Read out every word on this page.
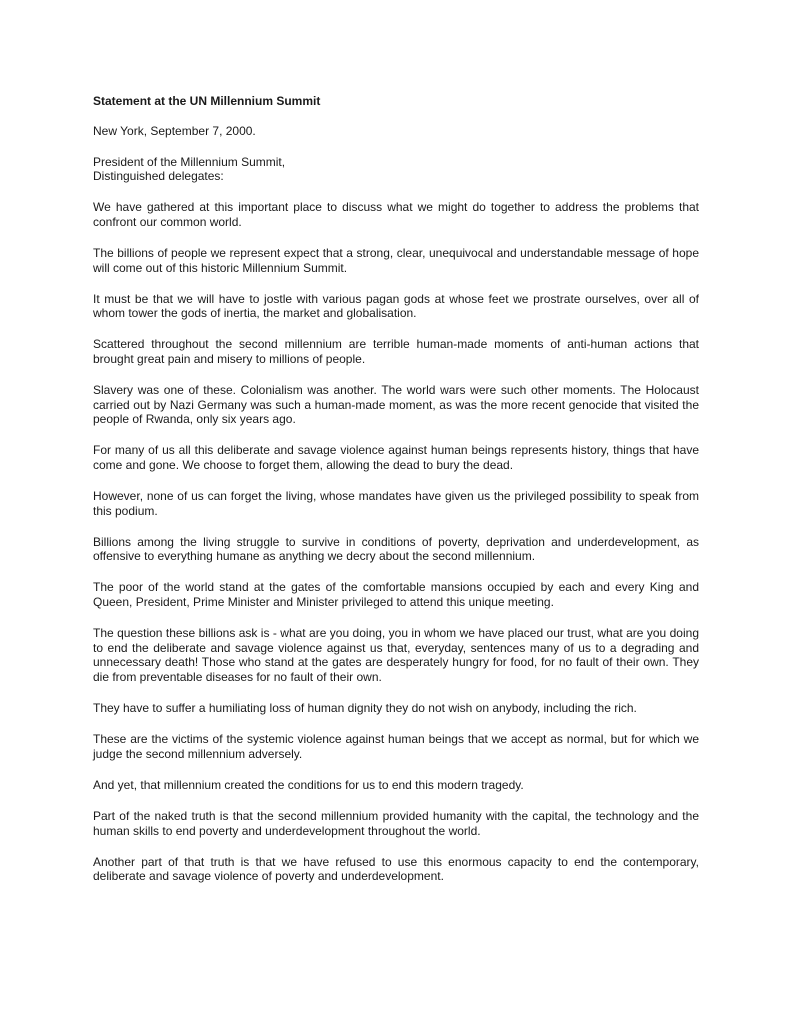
Statement at the UN Millennium Summit

New York, September 7, 2000.

President of the Millennium Summit,
Distinguished delegates:

We have gathered at this important place to discuss what we might do together to address the problems that confront our common world.

The billions of people we represent expect that a strong, clear, unequivocal and understandable message of hope will come out of this historic Millennium Summit.

It must be that we will have to jostle with various pagan gods at whose feet we prostrate ourselves, over all of whom tower the gods of inertia, the market and globalisation.

Scattered throughout the second millennium are terrible human-made moments of anti-human actions that brought great pain and misery to millions of people.

Slavery was one of these. Colonialism was another. The world wars were such other moments. The Holocaust carried out by Nazi Germany was such a human-made moment, as was the more recent genocide that visited the people of Rwanda, only six years ago.

For many of us all this deliberate and savage violence against human beings represents history, things that have come and gone. We choose to forget them, allowing the dead to bury the dead.

However, none of us can forget the living, whose mandates have given us the privileged possibility to speak from this podium.

Billions among the living struggle to survive in conditions of poverty, deprivation and underdevelopment, as offensive to everything humane as anything we decry about the second millennium.

The poor of the world stand at the gates of the comfortable mansions occupied by each and every King and Queen, President, Prime Minister and Minister privileged to attend this unique meeting.

The question these billions ask is - what are you doing, you in whom we have placed our trust, what are you doing to end the deliberate and savage violence against us that, everyday, sentences many of us to a degrading and unnecessary death! Those who stand at the gates are desperately hungry for food, for no fault of their own. They die from preventable diseases for no fault of their own.

They have to suffer a humiliating loss of human dignity they do not wish on anybody, including the rich.

These are the victims of the systemic violence against human beings that we accept as normal, but for which we judge the second millennium adversely.

And yet, that millennium created the conditions for us to end this modern tragedy.

Part of the naked truth is that the second millennium provided humanity with the capital, the technology and the human skills to end poverty and underdevelopment throughout the world.

Another part of that truth is that we have refused to use this enormous capacity to end the contemporary, deliberate and savage violence of poverty and underdevelopment.
